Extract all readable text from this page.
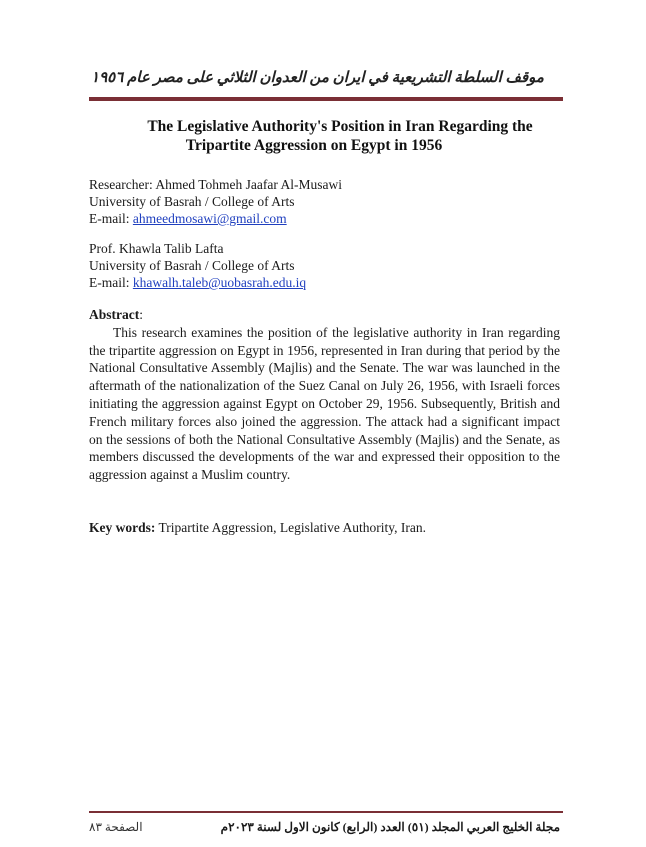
موقف السلطة التشريعية في ايران من العدوان الثلاثي على مصر عام ١٩٥٦
The Legislative Authority's Position in Iran Regarding the

Tripartite Aggression on Egypt in 1956
Researcher: Ahmed Tohmeh Jaafar Al-Musawi
University of Basrah / College of Arts
E-mail: ahmeedmosawi@gmail.com
Prof. Khawla Talib Lafta
University of Basrah / College of Arts
E-mail: khawalh.taleb@uobasrah.edu.iq
Abstract:

This research examines the position of the legislative authority in Iran regarding the tripartite aggression on Egypt in 1956, represented in Iran during that period by the National Consultative Assembly (Majlis) and the Senate. The war was launched in the aftermath of the nationalization of the Suez Canal on July 26, 1956, with Israeli forces initiating the aggression against Egypt on October 29, 1956. Subsequently, British and French military forces also joined the aggression. The attack had a significant impact on the sessions of both the National Consultative Assembly (Majlis) and the Senate, as members discussed the developments of the war and expressed their opposition to the aggression against a Muslim country.

Key words: Tripartite Aggression, Legislative Authority, Iran.
مجلة الخليج العربي المجلد (٥١) العدد (الرابع) كانون الاول لسنة ٢٠٢٣م
الصفحة ٨٣
